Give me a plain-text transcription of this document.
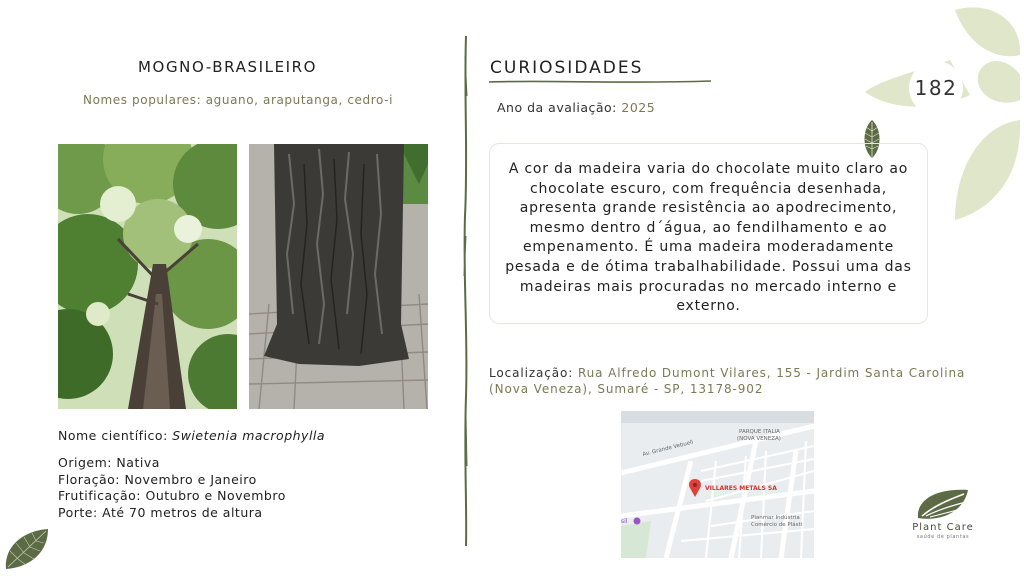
182
MOGNO-BRASILEIRO
Nomes populares: aguano, araputanga, cedro-i
Nome científico: Swietenia macrophylla
Origem: Nativa
Floração: Novembro e Janeiro
Frutificação: Outubro e Novembro
Porte: Até 70 metros de altura
CURIOSIDADES
Ano da avaliação: 2025
A cor da madeira varia do chocolate muito claro ao chocolate escuro, com frequência desenhada, apresenta grande resistência ao apodrecimento, mesmo dentro d´água, ao fendilhamento e ao empenamento. É uma madeira moderadamente pesada e de ótima trabalhabilidade. Possui uma das madeiras mais procuradas no mercado interno e externo.
Localização: Rua Alfredo Dumont Vilares, 155 - Jardim Santa Carolina (Nova Veneza), Sumaré - SP, 13178-902
Av. Grande Vebuell
PARQUE ITALIA
(NOVA VENEZA)
VILLARES METALS SA
Planmar Indústria
Comércio de Plásti
sil
Plant Care
saúde de plantas
